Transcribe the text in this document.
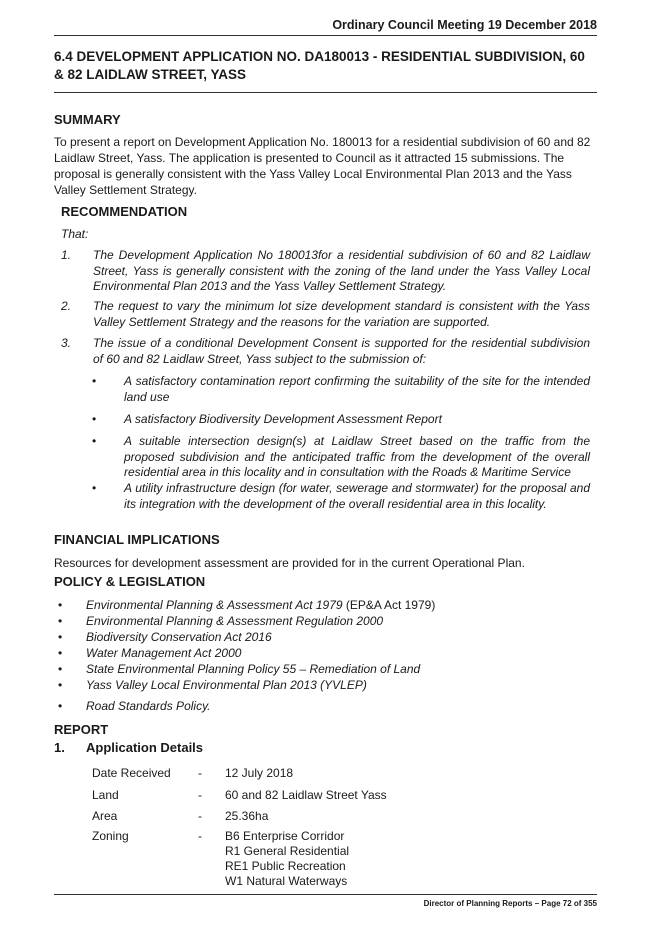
Ordinary Council Meeting 19 December 2018
6.4 DEVELOPMENT APPLICATION NO. DA180013 - RESIDENTIAL SUBDIVISION, 60 & 82 LAIDLAW STREET, YASS
SUMMARY
To present a report on Development Application No. 180013 for a residential subdivision of 60 and 82 Laidlaw Street, Yass. The application is presented to Council as it attracted 15 submissions. The proposal is generally consistent with the Yass Valley Local Environmental Plan 2013 and the Yass Valley Settlement Strategy.
RECOMMENDATION
That:
1.	The Development Application No 180013for a residential subdivision of 60 and 82 Laidlaw Street, Yass is generally consistent with the zoning of the land under the Yass Valley Local Environmental Plan 2013 and the Yass Valley Settlement Strategy.
2.	The request to vary the minimum lot size development standard is consistent with the Yass Valley Settlement Strategy and the reasons for the variation are supported.
3.	The issue of a conditional Development Consent is supported for the residential subdivision of 60 and 82 Laidlaw Street, Yass subject to the submission of:
•	A satisfactory contamination report confirming the suitability of the site for the intended land use
•	A satisfactory Biodiversity Development Assessment Report
•	A suitable intersection design(s) at Laidlaw Street based on the traffic from the proposed subdivision and the anticipated traffic from the development of the overall residential area in this locality and in consultation with the Roads & Maritime Service
•	A utility infrastructure design (for water, sewerage and stormwater) for the proposal and its integration with the development of the overall residential area in this locality.
FINANCIAL IMPLICATIONS
Resources for development assessment are provided for in the current Operational Plan.
POLICY & LEGISLATION
•	Environmental Planning & Assessment Act 1979 (EP&A Act 1979)
•	Environmental Planning & Assessment Regulation 2000
•	Biodiversity Conservation Act 2016
•	Water Management Act 2000
•	State Environmental Planning Policy 55 – Remediation of Land
•	Yass Valley Local Environmental Plan 2013 (YVLEP)
•	Road Standards Policy.
REPORT
1. Application Details
Date Received	-	12 July 2018
Land	-	60 and 82 Laidlaw Street Yass
Area	-	25.36ha
Zoning	-	B6 Enterprise Corridor
R1 General Residential
RE1 Public Recreation
W1 Natural Waterways
Director of Planning Reports – Page 72 of 355
